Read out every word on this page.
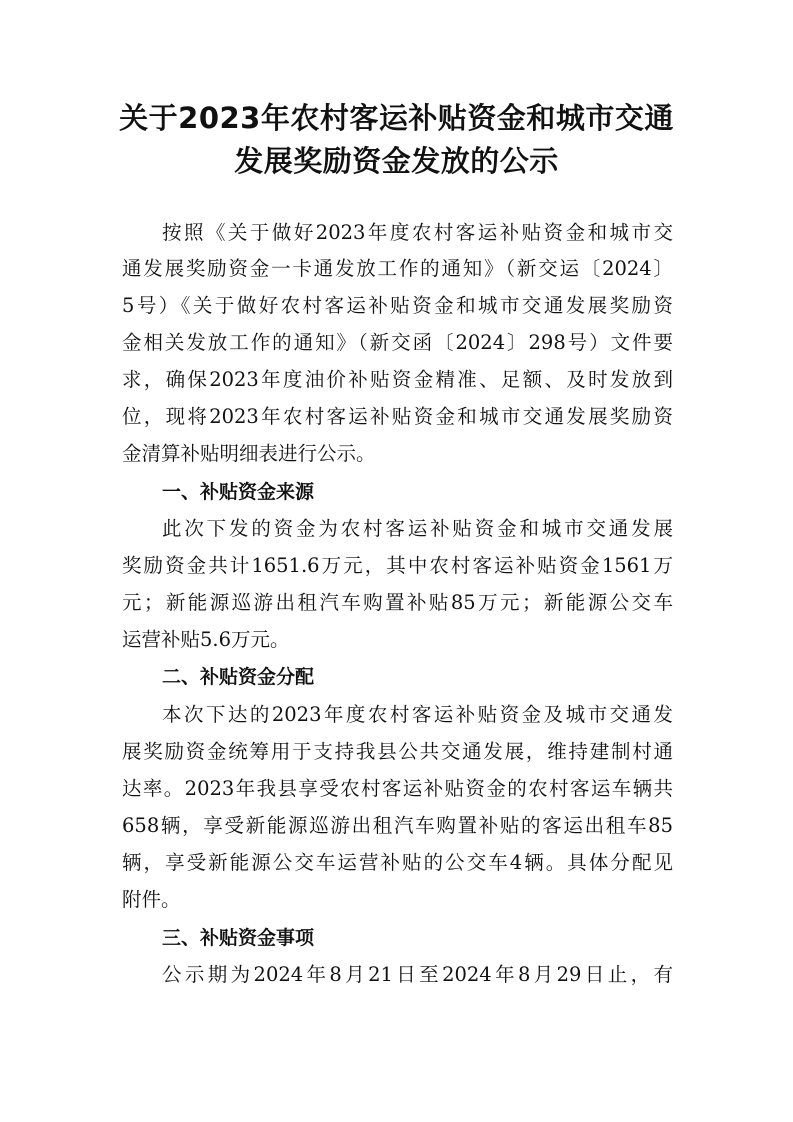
关于2023年农村客运补贴资金和城市交通
发展奖励资金发放的公示
按照《关于做好2023年度农村客运补贴资金和城市交
通发展奖励资金一卡通发放工作的通知》（新交运〔2024〕
5号）《关于做好农村客运补贴资金和城市交通发展奖励资
金相关发放工作的通知》（新交函〔2024〕298号）文件要
求，确保2023年度油价补贴资金精准、足额、及时发放到
位，现将2023年农村客运补贴资金和城市交通发展奖励资
金清算补贴明细表进行公示。
一、补贴资金来源
此次下发的资金为农村客运补贴资金和城市交通发展
奖励资金共计1651.6万元，其中农村客运补贴资金1561万
元；新能源巡游出租汽车购置补贴85万元；新能源公交车
运营补贴5.6万元。
二、补贴资金分配
本次下达的2023年度农村客运补贴资金及城市交通发
展奖励资金统筹用于支持我县公共交通发展，维持建制村通
达率。2023年我县享受农村客运补贴资金的农村客运车辆共
658辆，享受新能源巡游出租汽车购置补贴的客运出租车85
辆，享受新能源公交车运营补贴的公交车4辆。具体分配见
附件。
三、补贴资金事项
公示期为2024年8月21日至2024年8月29日止，有
